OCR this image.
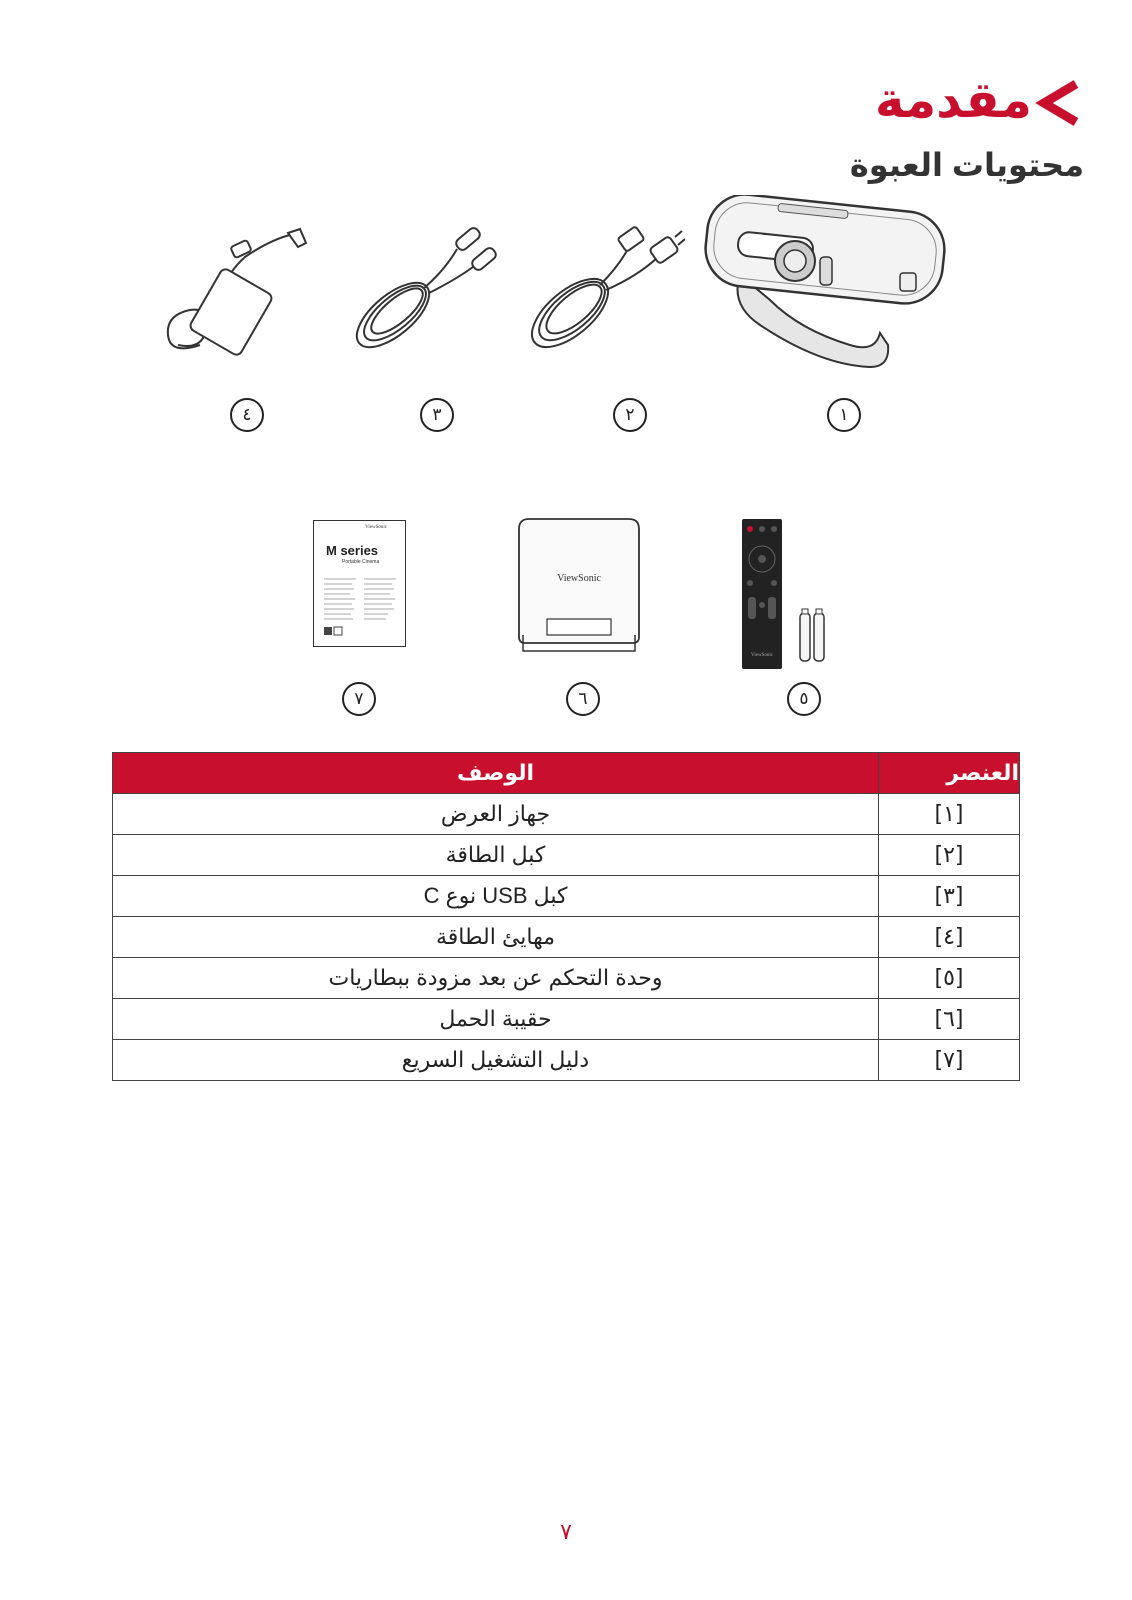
مقدمة
محتويات العبوة
١
٢
٣
٤
ViewSonic
ViewSonic
ViewSonic
M series
Portable Cinema
٥
٦
٧
العنصر	الوصف
[١]	جهاز العرض
[٢]	كبل الطاقة
[٣]	كبل USB نوع C
[٤]	مهايئ الطاقة
[٥]	وحدة التحكم عن بعد مزودة ببطاريات
[٦]	حقيبة الحمل
[٧]	دليل التشغيل السريع
٧
